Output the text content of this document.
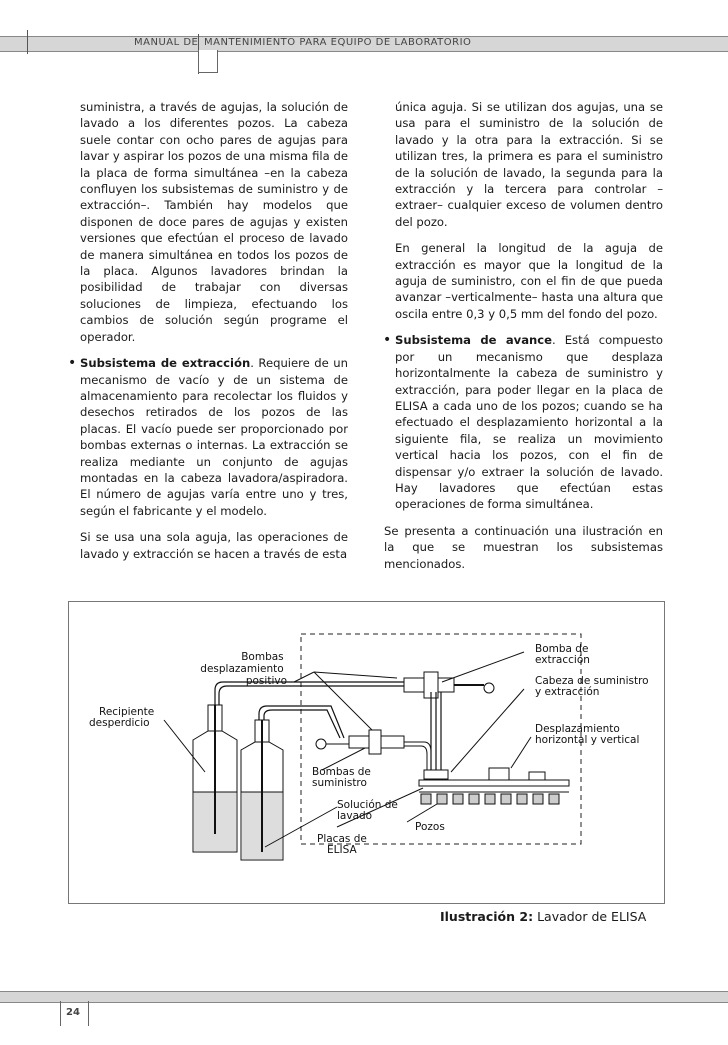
MANUAL DE MANTENIMIENTO PARA EQUIPO DE LABORATORIO

suministra, a través de agujas, la solución de lavado a los diferentes pozos. La cabeza suele contar con ocho pares de agujas para lavar y aspirar los pozos de una misma fila de la placa de forma simultánea –en la cabeza confluyen los subsistemas de suministro y de extracción–. También hay modelos que disponen de doce pares de agujas y existen versiones que efectúan el proceso de lavado de manera simultánea en todos los pozos de la placa. Algunos lavadores brindan la posibilidad de trabajar con diversas soluciones de limpieza, efectuando los cambios de solución según programe el operador.

• Subsistema de extracción. Requiere de un mecanismo de vacío y de un sistema de almacenamiento para recolectar los fluidos y desechos retirados de los pozos de las placas. El vacío puede ser proporcionado por bombas externas o internas. La extracción se realiza mediante un conjunto de agujas montadas en la cabeza lavadora/aspiradora. El número de agujas varía entre uno y tres, según el fabricante y el modelo.

Si se usa una sola aguja, las operaciones de lavado y extracción se hacen a través de esta

única aguja. Si se utilizan dos agujas, una se usa para el suministro de la solución de lavado y la otra para la extracción. Si se utilizan tres, la primera es para el suministro de la solución de lavado, la segunda para la extracción y la tercera para controlar –extraer– cualquier exceso de volumen dentro del pozo.

En general la longitud de la aguja de extracción es mayor que la longitud de la aguja de suministro, con el fin de que pueda avanzar –verticalmente– hasta una altura que oscila entre 0,3 y 0,5 mm del fondo del pozo.

• Subsistema de avance. Está compuesto por un mecanismo que desplaza horizontalmente la cabeza de suministro y extracción, para poder llegar en la placa de ELISA a cada uno de los pozos; cuando se ha efectuado el desplazamiento horizontal a la siguiente fila, se realiza un movimiento vertical hacia los pozos, con el fin de dispensar y/o extraer la solución de lavado. Hay lavadores que efectúan estas operaciones de forma simultánea.

Se presenta a continuación una ilustración en la que se muestran los subsistemas mencionados.

Bombas desplazamiento positivo
Recipiente desperdicio
Bombas de suministro
Solución de lavado
Placas de ELISA
Pozos
Bomba de extracción
Cabeza de suministro y extracción
Desplazamiento horizontal y vertical
Ilustración 2: Lavador de ELISA
24
